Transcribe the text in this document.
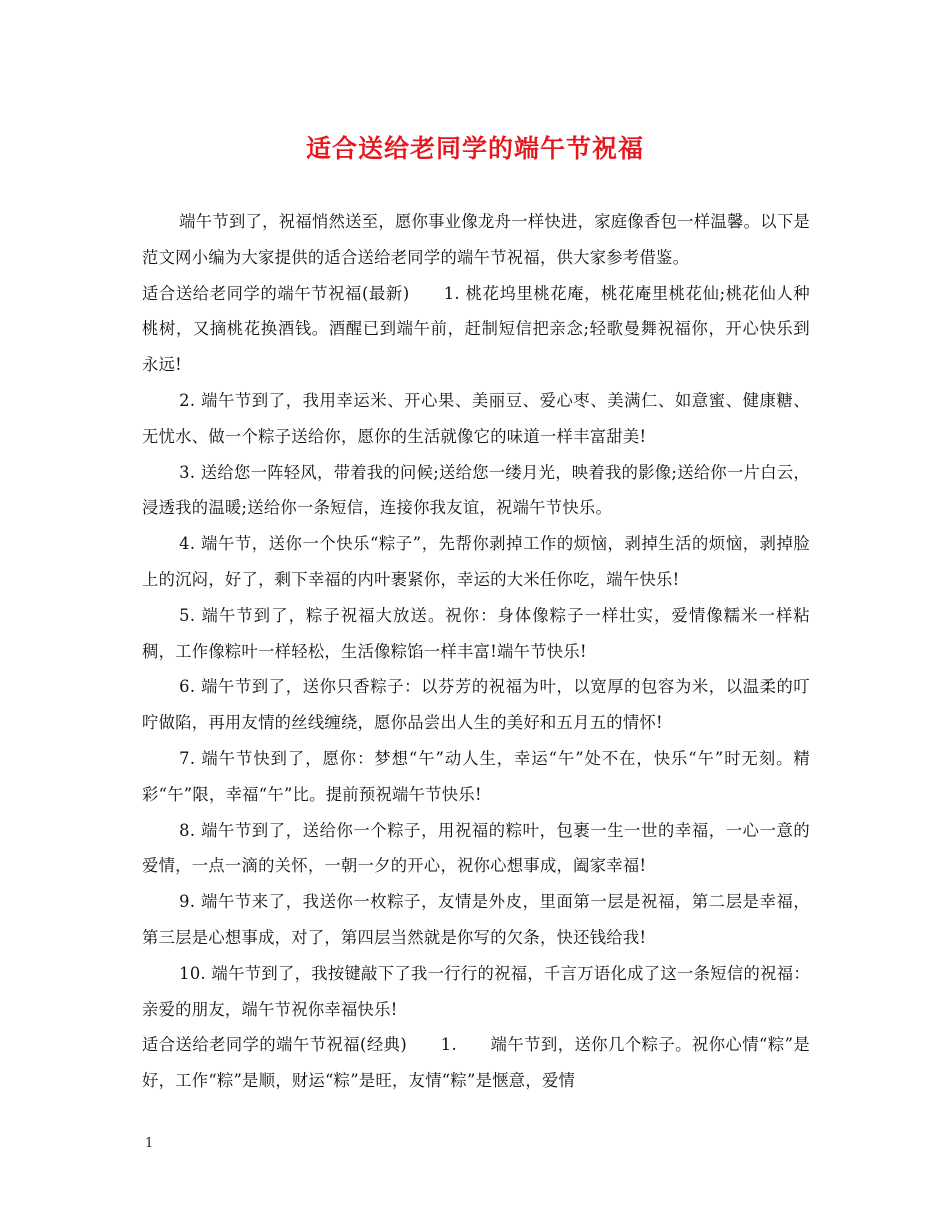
适合送给老同学的端午节祝福

端午节到了，祝福悄然送至，愿你事业像龙舟一样快进，家庭像香包一样温馨。以下是范文网小编为大家提供的适合送给老同学的端午节祝福，供大家参考借鉴。

适合送给老同学的端午节祝福(最新)　　1. 桃花坞里桃花庵，桃花庵里桃花仙;桃花仙人种桃树，又摘桃花换酒钱。酒醒已到端午前，赶制短信把亲念;轻歌曼舞祝福你，开心快乐到永远!

2. 端午节到了，我用幸运米、开心果、美丽豆、爱心枣、美满仁、如意蜜、健康糖、无忧水、做一个粽子送给你，愿你的生活就像它的味道一样丰富甜美!

3. 送给您一阵轻风，带着我的问候;送给您一缕月光，映着我的影像;送给你一片白云，浸透我的温暖;送给你一条短信，连接你我友谊，祝端午节快乐。

4. 端午节，送你一个快乐“粽子”，先帮你剥掉工作的烦恼，剥掉生活的烦恼，剥掉脸上的沉闷，好了，剩下幸福的内叶裹紧你，幸运的大米任你吃，端午快乐!

5. 端午节到了，粽子祝福大放送。祝你：身体像粽子一样壮实，爱情像糯米一样粘稠，工作像粽叶一样轻松，生活像粽馅一样丰富!端午节快乐!

6. 端午节到了，送你只香粽子：以芬芳的祝福为叶，以宽厚的包容为米，以温柔的叮咛做陷，再用友情的丝线缠绕，愿你品尝出人生的美好和五月五的情怀!

7. 端午节快到了，愿你：梦想“午”动人生，幸运“午”处不在，快乐“午”时无刻。精彩“午”限，幸福“午”比。提前预祝端午节快乐!

8. 端午节到了，送给你一个粽子，用祝福的粽叶，包裹一生一世的幸福，一心一意的爱情，一点一滴的关怀，一朝一夕的开心，祝你心想事成，阖家幸福!

9. 端午节来了，我送你一枚粽子，友情是外皮，里面第一层是祝福，第二层是幸福，第三层是心想事成，对了，第四层当然就是你写的欠条，快还钱给我!

10. 端午节到了，我按键敲下了我一行行的祝福，千言万语化成了这一条短信的祝福：亲爱的朋友，端午节祝你幸福快乐!

适合送给老同学的端午节祝福(经典)　　1.　　端午节到，送你几个粽子。祝你心情“粽”是好，工作“粽”是顺，财运“粽”是旺，友情“粽”是惬意，爱情

1
